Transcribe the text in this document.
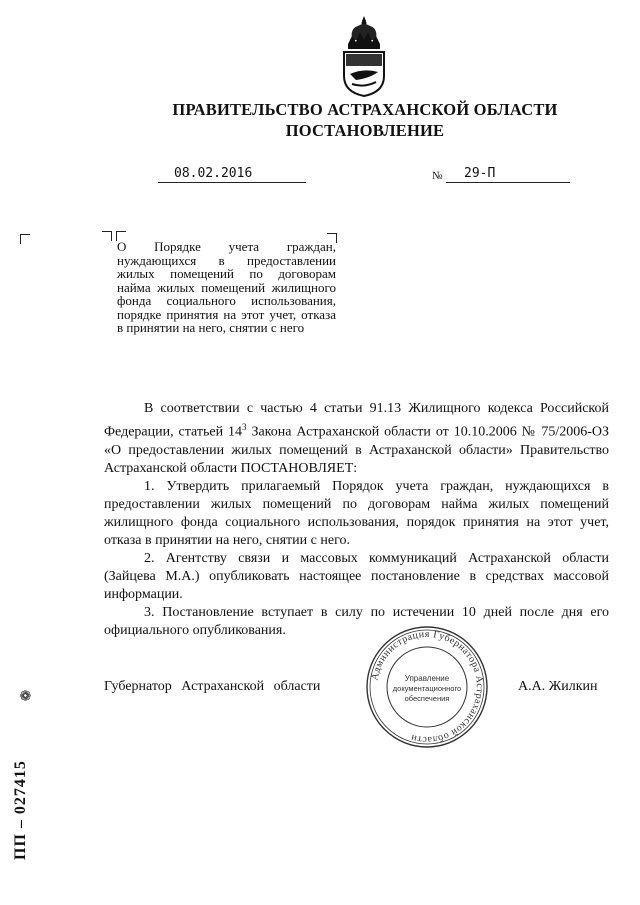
ПРАВИТЕЛЬСТВО АСТРАХАНСКОЙ ОБЛАСТИ
ПОСТАНОВЛЕНИЕ
08.02.2016	№	29-П
О Порядке учета граждан, нуждающихся в предоставлении жилых помещений по договорам найма жилых помещений жилищного фонда социального использования, порядке принятия на этот учет, отказа в принятии на него, снятии с него

В соответствии с частью 4 статьи 91.13 Жилищного кодекса Российской Федерации, статьей $14^3$ Закона Астраханской области от 10.10.2006 № 75/2006-ОЗ «О предоставлении жилых помещений в Астраханской области» Правительство Астраханской области ПОСТАНОВЛЯЕТ:

1. Утвердить прилагаемый Порядок учета граждан, нуждающихся в предоставлении жилых помещений по договорам найма жилых помещений жилищного фонда социального использования, порядок принятия на этот учет, отказа в принятии на него, снятии с него.

2. Агентству связи и массовых коммуникаций Астраханской области (Зайцева М.А.) опубликовать настоящее постановление в средствах массовой информации.

3. Постановление вступает в силу по истечении 10 дней после дня его официального опубликования.

Губернатор Астраханской области	А.А. Жилкин
Администрация Губернатора Астраханской области
Управление
документационного
обеспечения
ПП – 027415
❁
